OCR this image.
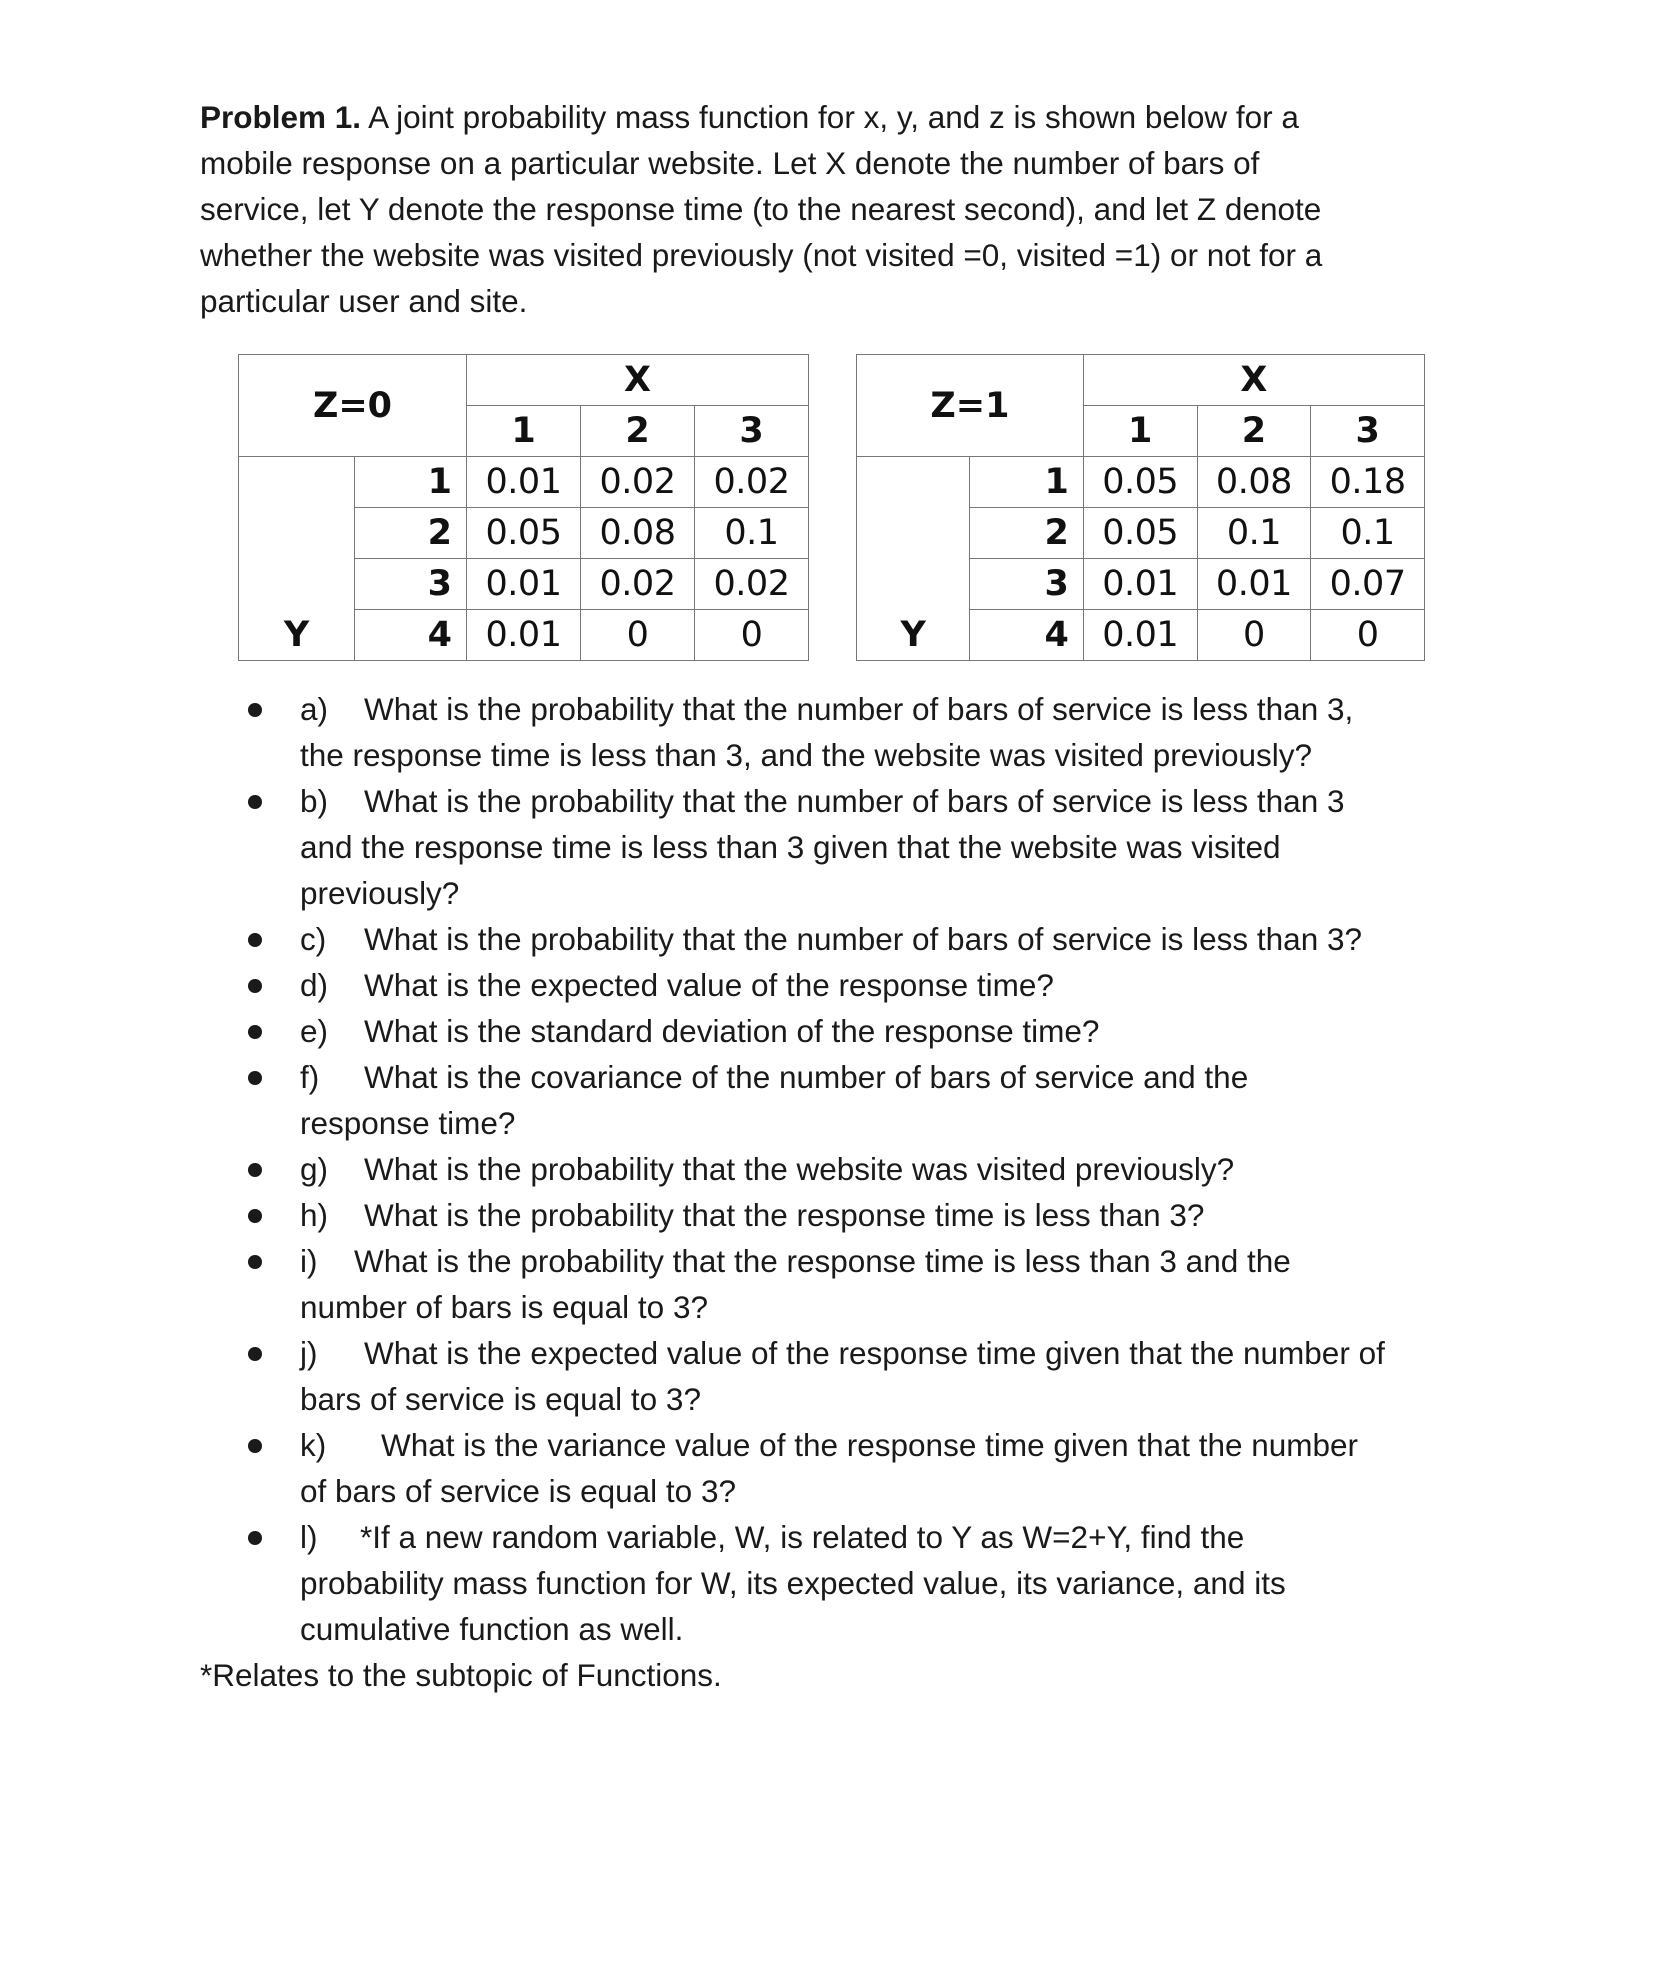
Problem 1. A joint probability mass function for x, y, and z is shown below for a
mobile response on a particular website. Let X denote the number of bars of
service, let Y denote the response time (to the nearest second), and let Z denote
whether the website was visited previously (not visited =0, visited =1) or not for a
particular user and site.
Z=0		X		
		1	2	3
	1	0.01	0.02	0.02
	2	0.05	0.08	0.1
	3	0.01	0.02	0.02
Y	4	0.01	0	0
Z=1		X		
		1	2	3
	1	0.05	0.08	0.18
	2	0.05	0.1	0.1
	3	0.01	0.01	0.07
Y	4	0.01	0	0
a) What is the probability that the number of bars of service is less than 3,
the response time is less than 3, and the website was visited previously?
b) What is the probability that the number of bars of service is less than 3
and the response time is less than 3 given that the website was visited
previously?
c) What is the probability that the number of bars of service is less than 3?
d) What is the expected value of the response time?
e) What is the standard deviation of the response time?
f) What is the covariance of the number of bars of service and the
response time?
g) What is the probability that the website was visited previously?
h) What is the probability that the response time is less than 3?
i) What is the probability that the response time is less than 3 and the
number of bars is equal to 3?
j) What is the expected value of the response time given that the number of
bars of service is equal to 3?
k) What is the variance value of the response time given that the number
of bars of service is equal to 3?
l) *If a new random variable, W, is related to Y as W=2+Y, find the
probability mass function for W, its expected value, its variance, and its
cumulative function as well.
*Relates to the subtopic of Functions.
